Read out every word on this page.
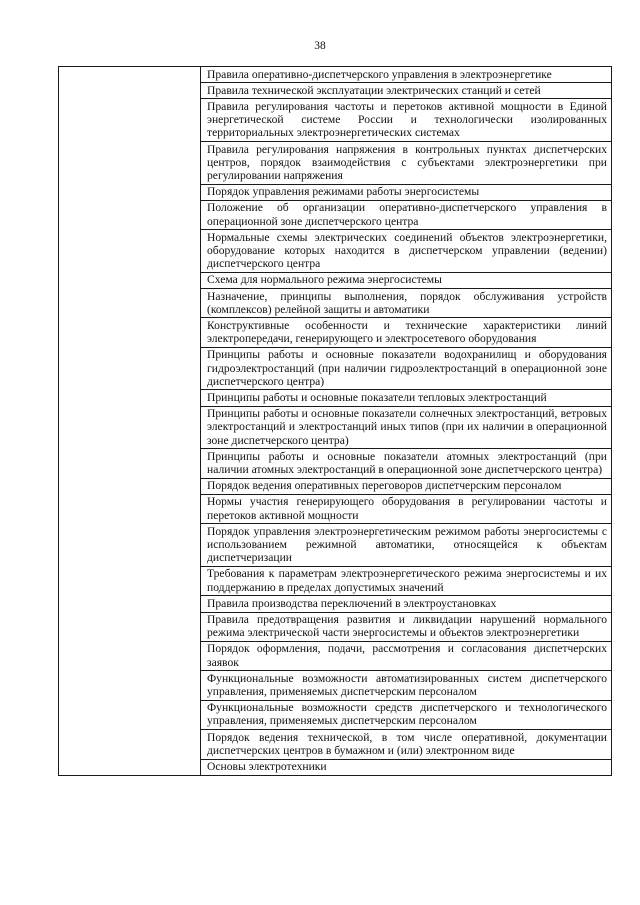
38

Правила оперативно-диспетчерского управления в электроэнергетике
Правила технической эксплуатации электрических станций и сетей
Правила регулирования частоты и перетоков активной мощности в Единой энергетической системе России и технологически изолированных территориальных электроэнергетических системах
Правила регулирования напряжения в контрольных пунктах диспетчерских центров, порядок взаимодействия с субъектами электроэнергетики при регулировании напряжения
Порядок управления режимами работы энергосистемы
Положение об организации оперативно-диспетчерского управления в операционной зоне диспетчерского центра
Нормальные схемы электрических соединений объектов электроэнергетики, оборудование которых находится в диспетчерском управлении (ведении) диспетчерского центра
Схема для нормального режима энергосистемы
Назначение, принципы выполнения, порядок обслуживания устройств (комплексов) релейной защиты и автоматики
Конструктивные особенности и технические характеристики линий электропередачи, генерирующего и электросетевого оборудования
Принципы работы и основные показатели водохранилищ и оборудования гидроэлектростанций (при наличии гидроэлектростанций в операционной зоне диспетчерского центра)
Принципы работы и основные показатели тепловых электростанций
Принципы работы и основные показатели солнечных электростанций, ветровых электростанций и электростанций иных типов (при их наличии в операционной зоне диспетчерского центра)
Принципы работы и основные показатели атомных электростанций (при наличии атомных электростанций в операционной зоне диспетчерского центра)
Порядок ведения оперативных переговоров диспетчерским персоналом
Нормы участия генерирующего оборудования в регулировании частоты и перетоков активной мощности
Порядок управления электроэнергетическим режимом работы энергосистемы с использованием режимной автоматики, относящейся к объектам диспетчеризации
Требования к параметрам электроэнергетического режима энергосистемы и их поддержанию в пределах допустимых значений
Правила производства переключений в электроустановках
Правила предотвращения развития и ликвидации нарушений нормального режима электрической части энергосистемы и объектов электроэнергетики
Порядок оформления, подачи, рассмотрения и согласования диспетчерских заявок
Функциональные возможности автоматизированных систем диспетчерского управления, применяемых диспетчерским персоналом
Функциональные возможности средств диспетчерского и технологического управления, применяемых диспетчерским персоналом
Порядок ведения технической, в том числе оперативной, документации диспетчерских центров в бумажном и (или) электронном виде
Основы электротехники
